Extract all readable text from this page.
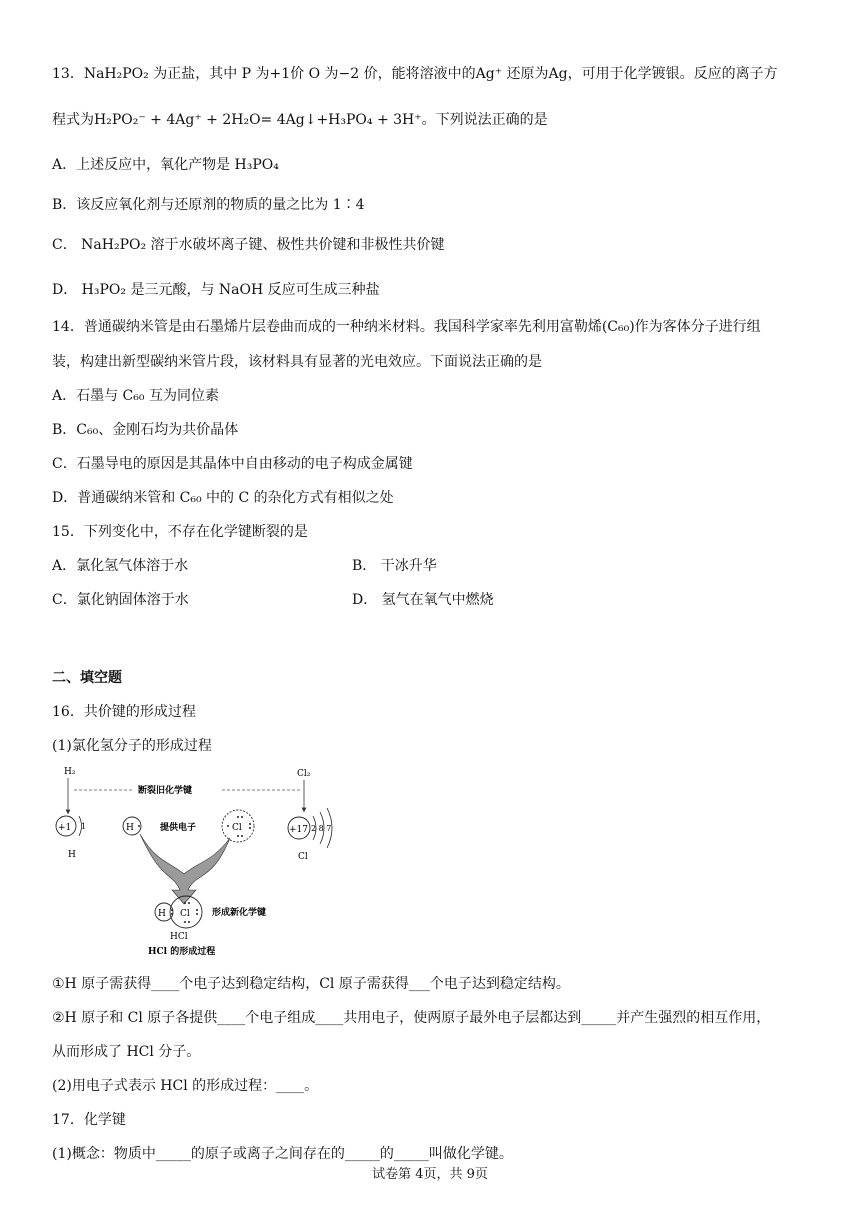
13．NaH₂PO₂ 为正盐，其中 P 为+1价 O 为−2 价，能将溶液中的Ag⁺ 还原为Ag，可用于化学镀银。反应的离子方
程式为H₂PO₂⁻ + 4Ag⁺ + 2H₂O= 4Ag↓+H₃PO₄ + 3H⁺。下列说法正确的是
A．上述反应中，氧化产物是 H₃PO₄
B．该反应氧化剂与还原剂的物质的量之比为 1∶4
C． NaH₂PO₂ 溶于水破坏离子键、极性共价键和非极性共价键
D． H₃PO₂ 是三元酸，与 NaOH 反应可生成三种盐
14．普通碳纳米管是由石墨烯片层卷曲而成的一种纳米材料。我国科学家率先利用富勒烯(C₆₀)作为客体分子进行组
装，构建出新型碳纳米管片段，该材料具有显著的光电效应。下面说法正确的是
A．石墨与 C₆₀ 互为同位素
B．C₆₀、金刚石均为共价晶体
C．石墨导电的原因是其晶体中自由移动的电子构成金属键
D．普通碳纳米管和 C₆₀ 中的 C 的杂化方式有相似之处
15．下列变化中，不存在化学键断裂的是
A．氯化氢气体溶于水	B． 干冰升华
C．氯化钠固体溶于水	D． 氢气在氧气中燃烧
二、填空题
16．共价键的形成过程
(1)氯化氢分子的形成过程
H₂	Cl₂
断裂旧化学键
+1 1
H
H	提供电子	Cl	+17 2 8 7
Cl
H Cl 形成新化学键
HCl
HCl 的形成过程
①H 原子需获得____个电子达到稳定结构，Cl 原子需获得___个电子达到稳定结构。
②H 原子和 Cl 原子各提供____个电子组成____共用电子，使两原子最外电子层都达到_____并产生强烈的相互作用，
从而形成了 HCl 分子。
(2)用电子式表示 HCl 的形成过程：____。
17．化学键
(1)概念：物质中_____的原子或离子之间存在的_____的_____叫做化学键。
试卷第 4页，共 9页
